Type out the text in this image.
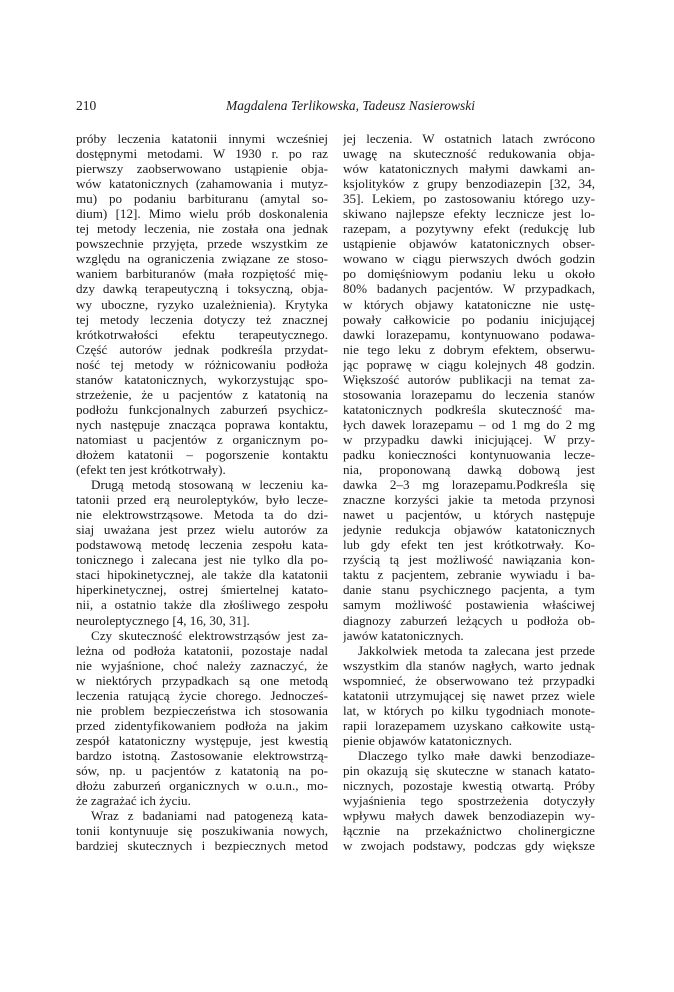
210	Magdalena Terlikowska, Tadeusz Nasierowski

próby leczenia katatonii innymi wcześniej
dostępnymi metodami. W 1930 r. po raz
pierwszy zaobserwowano ustąpienie obja-
wów katatonicznych (zahamowania i mutyz-
mu) po podaniu barbituranu (amytal so-
dium) [12]. Mimo wielu prób doskonalenia
tej metody leczenia, nie została ona jednak
powszechnie przyjęta, przede wszystkim ze
względu na ograniczenia związane ze stoso-
waniem barbituranów (mała rozpiętość mię-
dzy dawką terapeutyczną i toksyczną, obja-
wy uboczne, ryzyko uzależnienia). Krytyka
tej metody leczenia dotyczy też znacznej
krótkotrwałości efektu terapeutycznego.
Część autorów jednak podkreśla przydat-
ność tej metody w różnicowaniu podłoża
stanów katatonicznych, wykorzystując spo-
strzeżenie, że u pacjentów z katatonią na
podłożu funkcjonalnych zaburzeń psychicz-
nych następuje znacząca poprawa kontaktu,
natomiast u pacjentów z organicznym po-
dłożem katatonii – pogorszenie kontaktu
(efekt ten jest krótkotrwały).

Drugą metodą stosowaną w leczeniu ka-
tatonii przed erą neuroleptyków, było lecze-
nie elektrowstrząsowe. Metoda ta do dzi-
siaj uważana jest przez wielu autorów za
podstawową metodę leczenia zespołu kata-
tonicznego i zalecana jest nie tylko dla po-
staci hipokinetycznej, ale także dla katatonii
hiperkinetycznej, ostrej śmiertelnej katato-
nii, a ostatnio także dla złośliwego zespołu
neuroleptycznego [4, 16, 30, 31].

Czy skuteczność elektrowstrząsów jest za-
leżna od podłoża katatonii, pozostaje nadal
nie wyjaśnione, choć należy zaznaczyć, że
w niektórych przypadkach są one metodą
leczenia ratującą życie chorego. Jednocześ-
nie problem bezpieczeństwa ich stosowania
przed zidentyfikowaniem podłoża na jakim
zespół katatoniczny występuje, jest kwestią
bardzo istotną. Zastosowanie elektrowstrzą-
sów, np. u pacjentów z katatonią na po-
dłożu zaburzeń organicznych w o.u.n., mo-
że zagrażać ich życiu.

Wraz z badaniami nad patogenezą kata-
tonii kontynuuje się poszukiwania nowych,
bardziej skutecznych i bezpiecznych metod

jej leczenia. W ostatnich latach zwrócono
uwagę na skuteczność redukowania obja-
wów katatonicznych małymi dawkami an-
ksjolityków z grupy benzodiazepin [32, 34,
35]. Lekiem, po zastosowaniu którego uzy-
skiwano najlepsze efekty lecznicze jest lo-
razepam, a pozytywny efekt (redukcję lub
ustąpienie objawów katatonicznych obser-
wowano w ciągu pierwszych dwóch godzin
po domięśniowym podaniu leku u około
80% badanych pacjentów. W przypadkach,
w których objawy katatoniczne nie ustę-
powały całkowicie po podaniu inicjującej
dawki lorazepamu, kontynuowano podawa-
nie tego leku z dobrym efektem, obserwu-
jąc poprawę w ciągu kolejnych 48 godzin.
Większość autorów publikacji na temat za-
stosowania lorazepamu do leczenia stanów
katatonicznych podkreśla skuteczność ma-
łych dawek lorazepamu – od 1 mg do 2 mg
w przypadku dawki inicjującej. W przy-
padku konieczności kontynuowania lecze-
nia, proponowaną dawką dobową jest
dawka 2–3 mg lorazepamu.Podkreśla się
znaczne korzyści jakie ta metoda przynosi
nawet u pacjentów, u których następuje
jedynie redukcja objawów katatonicznych
lub gdy efekt ten jest krótkotrwały. Ko-
rzyścią tą jest możliwość nawiązania kon-
taktu z pacjentem, zebranie wywiadu i ba-
danie stanu psychicznego pacjenta, a tym
samym możliwość postawienia właściwej
diagnozy zaburzeń leżących u podłoża ob-
jawów katatonicznych.

Jakkolwiek metoda ta zalecana jest przede
wszystkim dla stanów nagłych, warto jednak
wspomnieć, że obserwowano też przypadki
katatonii utrzymującej się nawet przez wiele
lat, w których po kilku tygodniach monote-
rapii lorazepamem uzyskano całkowite ustą-
pienie objawów katatonicznych.

Dlaczego tylko małe dawki benzodiaze-
pin okazują się skuteczne w stanach katato-
nicznych, pozostaje kwestią otwartą. Próby
wyjaśnienia tego spostrzeżenia dotyczyły
wpływu małych dawek benzodiazepin wy-
łącznie na przekaźnictwo cholinergiczne
w zwojach podstawy, podczas gdy większe
